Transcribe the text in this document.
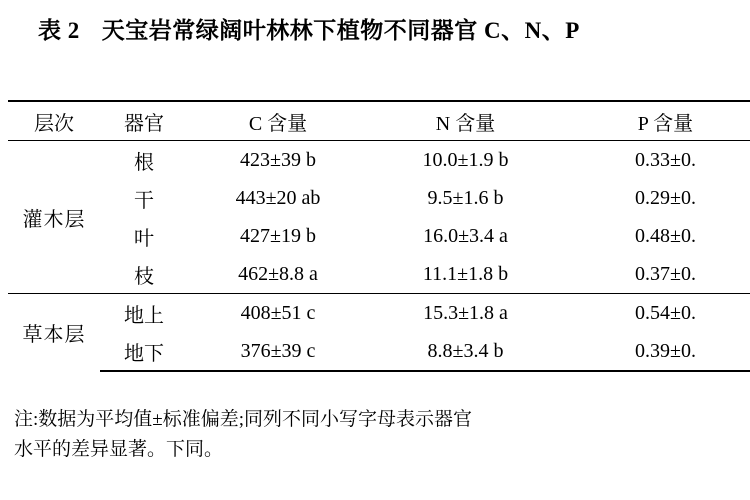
表 2 天宝岩常绿阔叶林林下植物不同器官 C、N、P

层次	器官	C 含量	N 含量	P 含量
灌木层	根	423±39 b	10.0±1.9 b	0.33±0.
	干	443±20 ab	9.5±1.6 b	0.29±0.
	叶	427±19 b	16.0±3.4 a	0.48±0.
	枝	462±8.8 a	11.1±1.8 b	0.37±0.
草本层	地上	408±51 c	15.3±1.8 a	0.54±0.
	地下	376±39 c	8.8±3.4 b	0.39±0.
注:数据为平均值±标准偏差;同列不同小写字母表示器官
水平的差异显著。下同。
